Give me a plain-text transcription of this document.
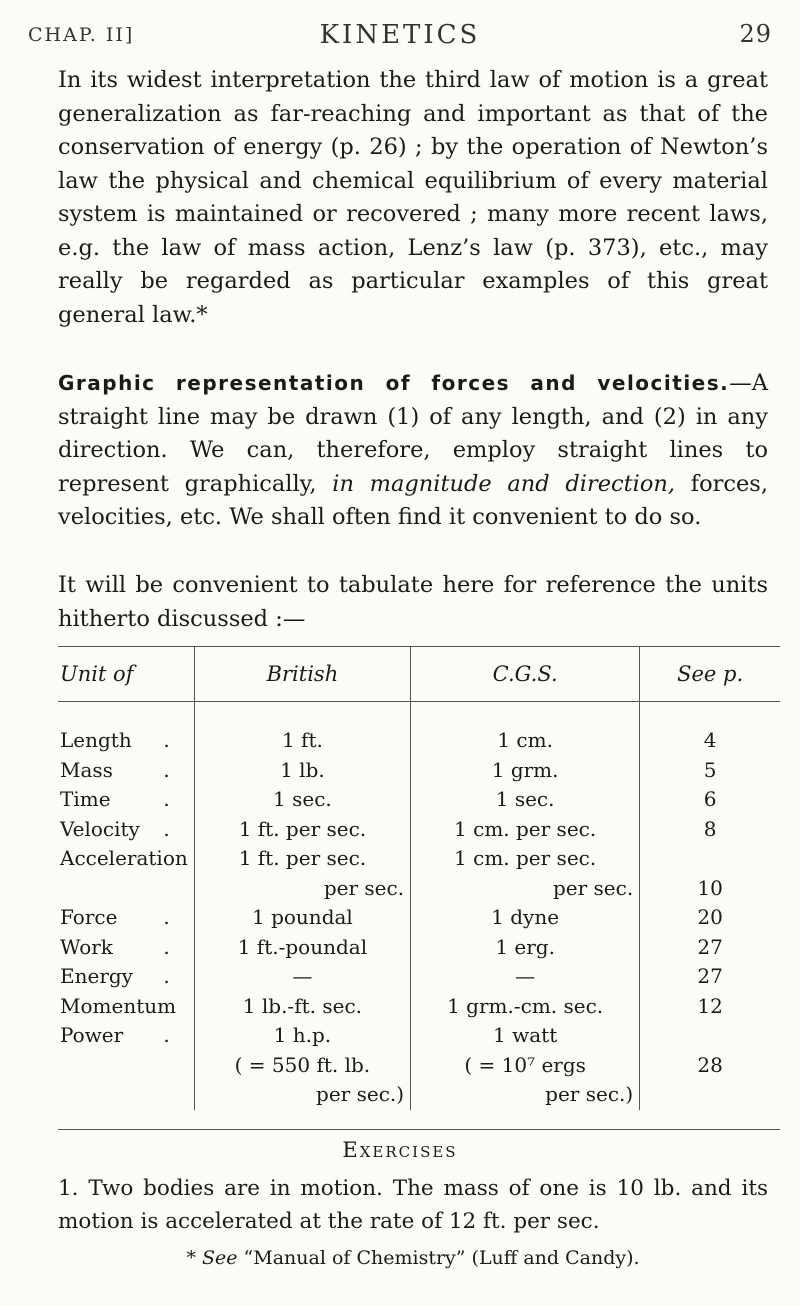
CHAP. II]	KINETICS	29
In its widest interpretation the third law of motion is a great generalization as far-reaching and important as that of the conservation of energy (p. 26) ; by the operation of Newton’s law the physical and chemical equilibrium of every material system is maintained or recovered ; many more recent laws, e.g. the law of mass action, Lenz’s law (p. 373), etc., may really be regarded as particular examples of this great general law.*
Graphic representation of forces and velocities.—A straight line may be drawn (1) of any length, and (2) in any direction. We can, therefore, employ straight lines to represent graphically, in magnitude and direction, forces, velocities, etc. We shall often find it convenient to do so.
It will be convenient to tabulate here for reference the units hitherto discussed :—
Unit of	British	C.G.S.	See p.
Length .	1 ft.	1 cm.	4
Mass .	1 lb.	1 grm.	5
Time .	1 sec.	1 sec.	6
Velocity .	1 ft. per sec.	1 cm. per sec.	8
Acceleration	1 ft. per sec.	1 cm. per sec.	

	per sec.	per sec.	10
Force .	1 poundal	1 dyne	20
Work .	1 ft.-poundal	1 erg.	27
Energy .	—	—	27
Momentum	1 lb.-ft. sec.	1 grm.-cm. sec.	12
Power .	1 h.p.	1 watt	

	( = 550 ft. lb.	( = 10⁷ ergs	28

	per sec.)	per sec.)	
Exercises
1. Two bodies are in motion. The mass of one is 10 lb. and its motion is accelerated at the rate of 12 ft. per sec.
* See “Manual of Chemistry” (Luff and Candy).
